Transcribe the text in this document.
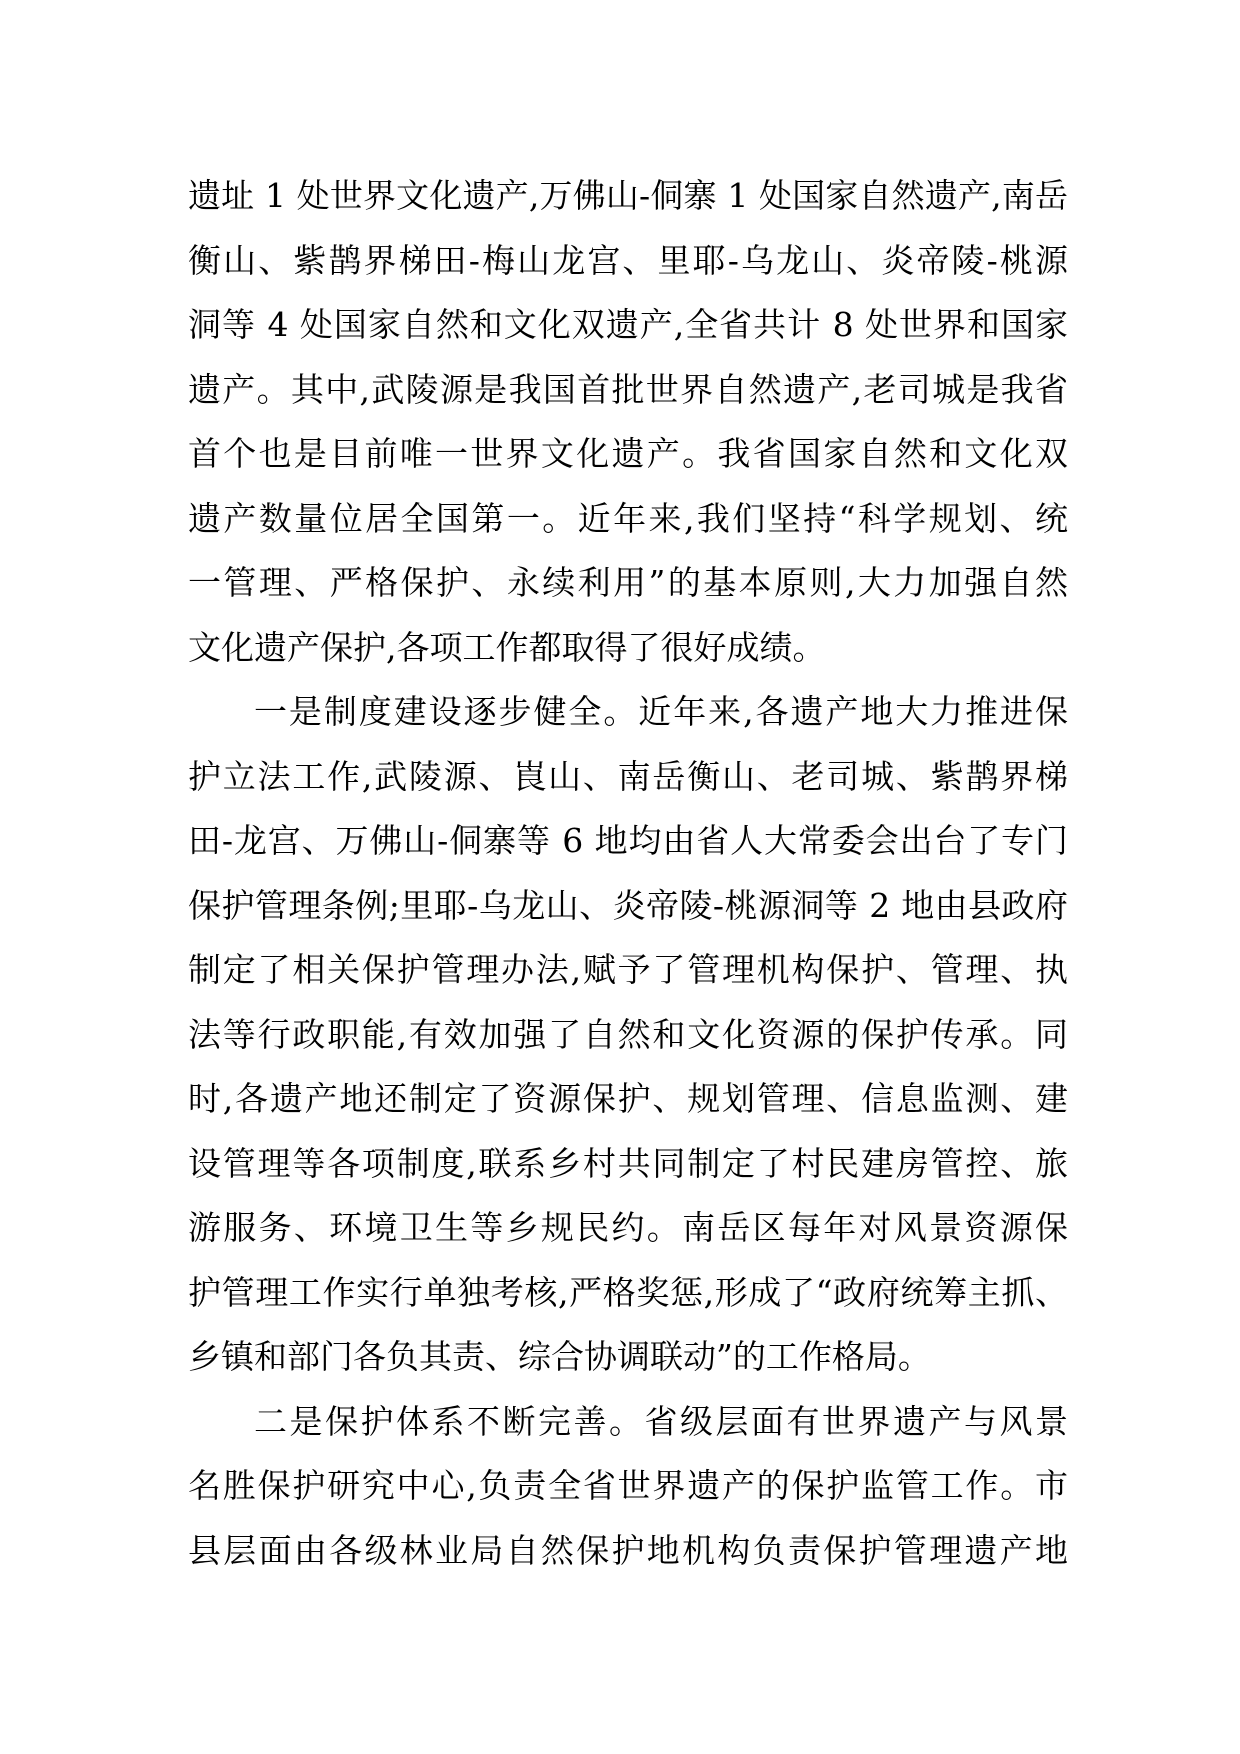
遗址 1 处世界文化遗产,万佛山-侗寨 1 处国家自然遗产,南岳
衡山、紫鹊界梯田-梅山龙宫、里耶-乌龙山、炎帝陵-桃源
洞等 4 处国家自然和文化双遗产,全省共计 8 处世界和国家
遗产。其中,武陵源是我国首批世界自然遗产,老司城是我省
首个也是目前唯一世界文化遗产。我省国家自然和文化双
遗产数量位居全国第一。近年来,我们坚持“科学规划、统
一管理、严格保护、永续利用”的基本原则,大力加强自然
文化遗产保护,各项工作都取得了很好成绩。
一是制度建设逐步健全。近年来,各遗产地大力推进保
护立法工作,武陵源、崀山、南岳衡山、老司城、紫鹊界梯
田-龙宫、万佛山-侗寨等 6 地均由省人大常委会出台了专门
保护管理条例;里耶-乌龙山、炎帝陵-桃源洞等 2 地由县政府
制定了相关保护管理办法,赋予了管理机构保护、管理、执
法等行政职能,有效加强了自然和文化资源的保护传承。同
时,各遗产地还制定了资源保护、规划管理、信息监测、建
设管理等各项制度,联系乡村共同制定了村民建房管控、旅
游服务、环境卫生等乡规民约。南岳区每年对风景资源保
护管理工作实行单独考核,严格奖惩,形成了“政府统筹主抓、
乡镇和部门各负其责、综合协调联动”的工作格局。
二是保护体系不断完善。省级层面有世界遗产与风景
名胜保护研究中心,负责全省世界遗产的保护监管工作。市
县层面由各级林业局自然保护地机构负责保护管理遗产地
